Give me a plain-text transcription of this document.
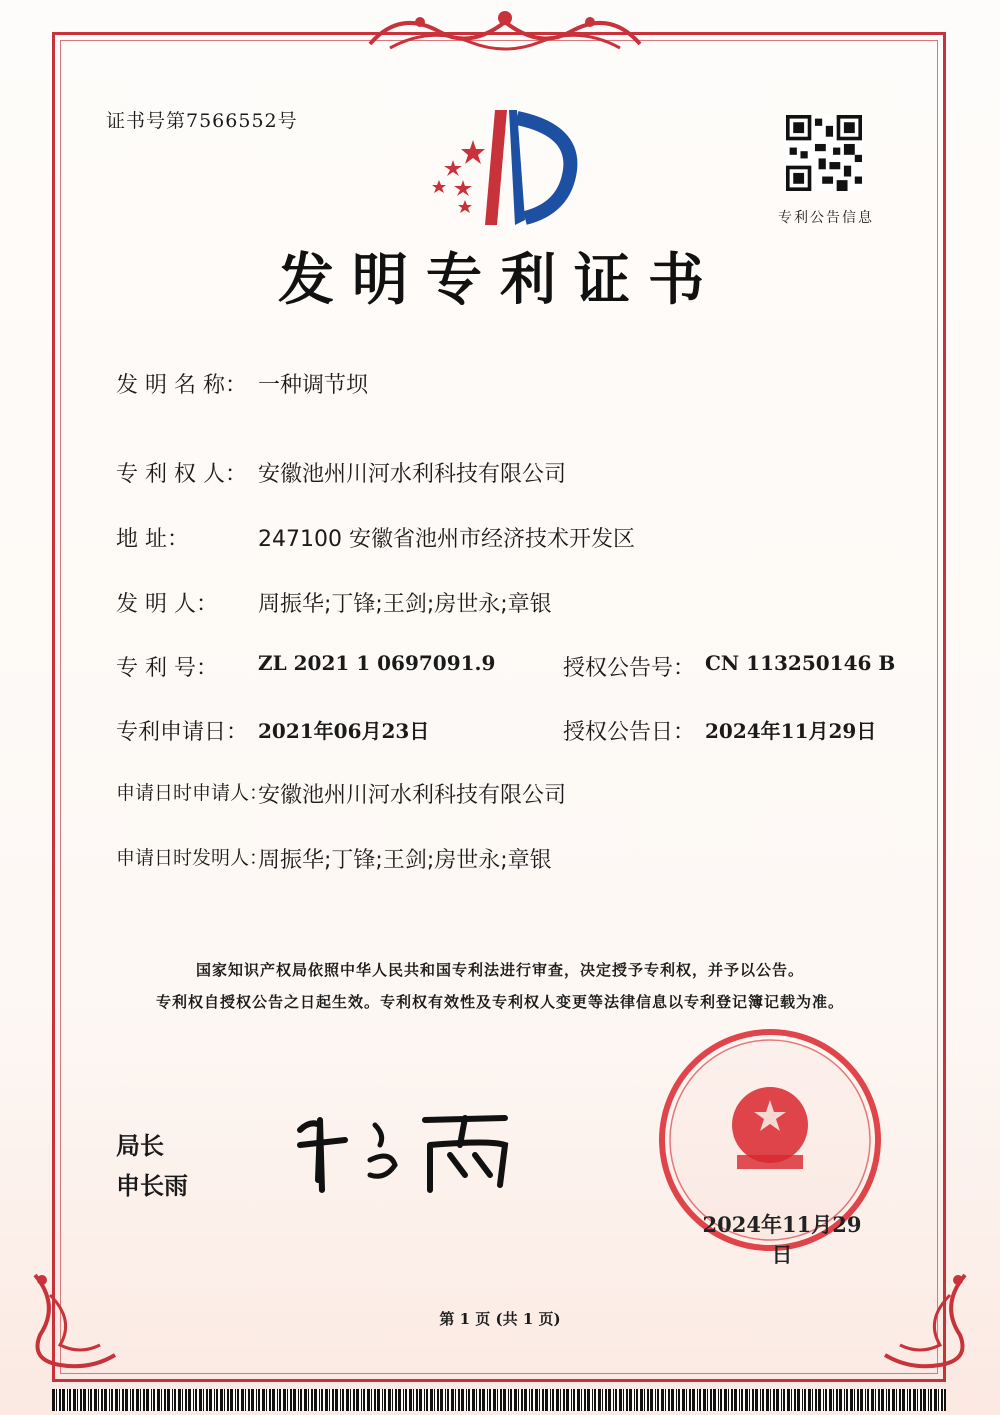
证书号第7566552号
专利公告信息
发明专利证书
发 明 名 称： 一种调节坝
专 利 权 人： 安徽池州川河水利科技有限公司
地 址：	247100 安徽省池州市经济技术开发区
发 明 人： 周振华;丁锋;王剑;房世永;章银
专 利 号： ZL 2021 1 0697091.9	授权公告号： CN 113250146 B
专利申请日： 2021年06月23日	授权公告日： 2024年11月29日
申请日时申请人：
安徽池州川河水利科技有限公司
申请日时发明人：
周振华;丁锋;王剑;房世永;章银
国家知识产权局依照中华人民共和国专利法进行审查，决定授予专利权，并予以公告。
专利权自授权公告之日起生效。专利权有效性及专利权人变更等法律信息以专利登记簿记载为准。
局长
申长雨
2024年11月29日
第 1 页 (共 1 页)
